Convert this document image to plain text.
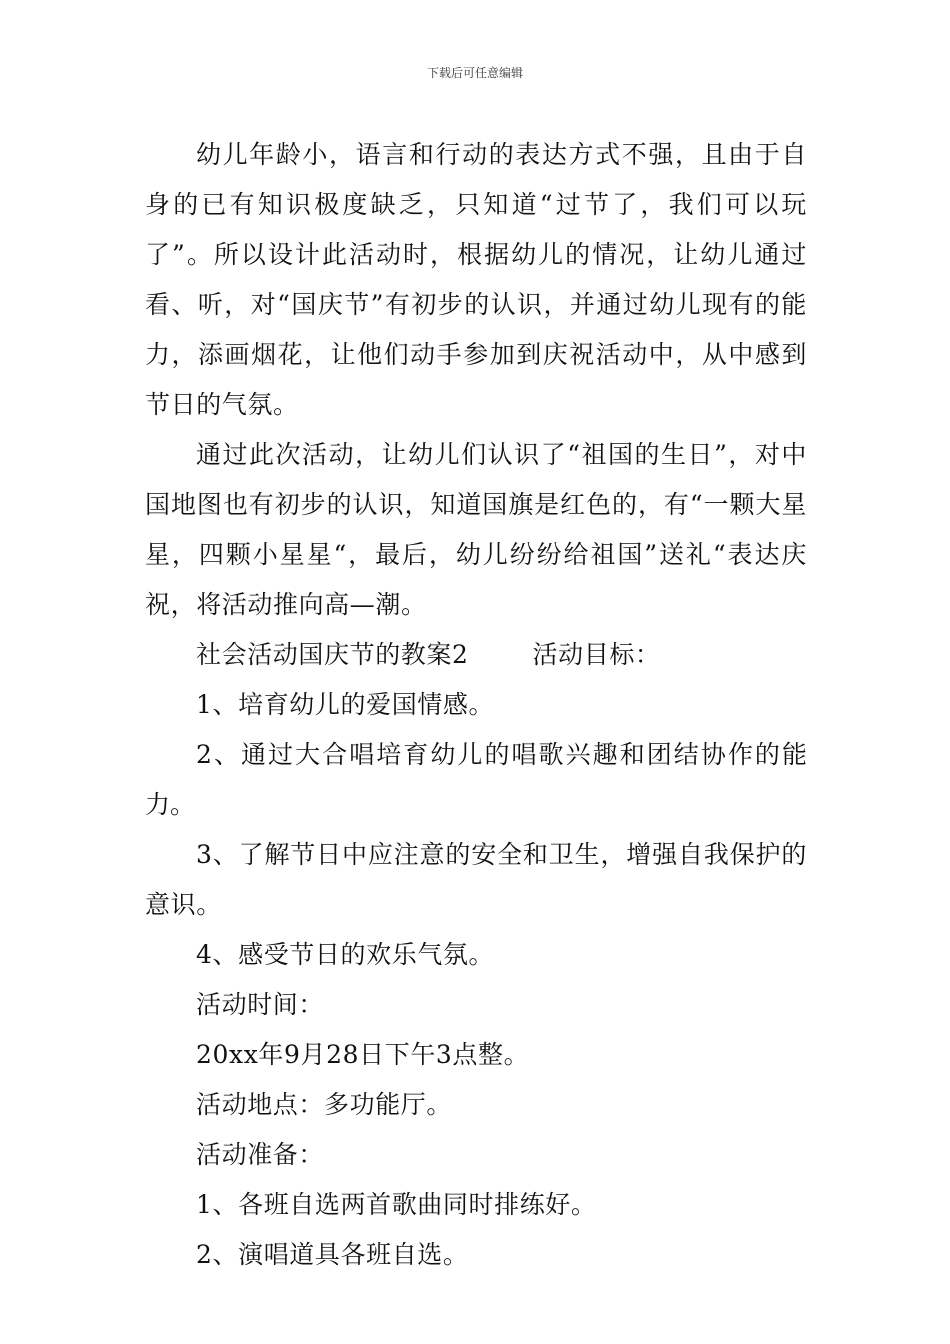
下载后可任意编辑

幼儿年龄小，语言和行动的表达方式不强，且由于自身的已有知识极度缺乏，只知道“过节了，我们可以玩了”。所以设计此活动时，根据幼儿的情况，让幼儿通过看、听，对“国庆节”有初步的认识，并通过幼儿现有的能力，添画烟花，让他们动手参加到庆祝活动中，从中感到节日的气氛。

通过此次活动，让幼儿们认识了“祖国的生日”，对中国地图也有初步的认识，知道国旗是红色的，有“一颗大星星，四颗小星星“，最后，幼儿纷纷给祖国”送礼“表达庆祝，将活动推向高—潮。

社会活动国庆节的教案2	活动目标：

1、培育幼儿的爱国情感。

2、通过大合唱培育幼儿的唱歌兴趣和团结协作的能力。

3、了解节日中应注意的安全和卫生，增强自我保护的意识。

4、感受节日的欢乐气氛。

活动时间：

20xx年9月28日下午3点整。

活动地点：多功能厅。

活动准备：

1、各班自选两首歌曲同时排练好。

2、演唱道具各班自选。
